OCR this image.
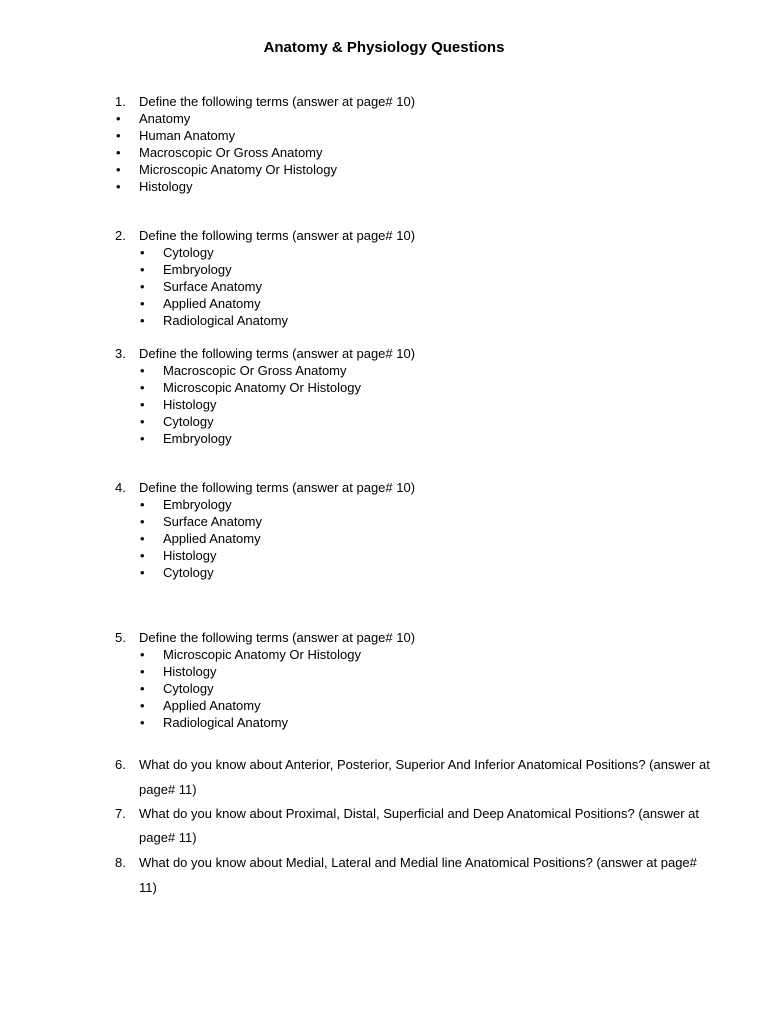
Anatomy & Physiology Questions
1. Define the following terms (answer at page# 10)
• Anatomy
• Human Anatomy
• Macroscopic Or Gross Anatomy
• Microscopic Anatomy Or Histology
• Histology
2. Define the following terms (answer at page# 10)
• Cytology
• Embryology
• Surface Anatomy
• Applied Anatomy
• Radiological Anatomy
3. Define the following terms (answer at page# 10)
• Macroscopic Or Gross Anatomy
• Microscopic Anatomy Or Histology
• Histology
• Cytology
• Embryology
4. Define the following terms (answer at page# 10)
• Embryology
• Surface Anatomy
• Applied Anatomy
• Histology
• Cytology
5. Define the following terms (answer at page# 10)
• Microscopic Anatomy Or Histology
• Histology
• Cytology
• Applied Anatomy
• Radiological Anatomy
6. What do you know about Anterior, Posterior, Superior And Inferior Anatomical Positions? (answer at
page# 11)
7. What do you know about Proximal, Distal, Superficial and Deep Anatomical Positions? (answer at
page# 11)
8. What do you know about Medial, Lateral and Medial line Anatomical Positions? (answer at page#
11)
